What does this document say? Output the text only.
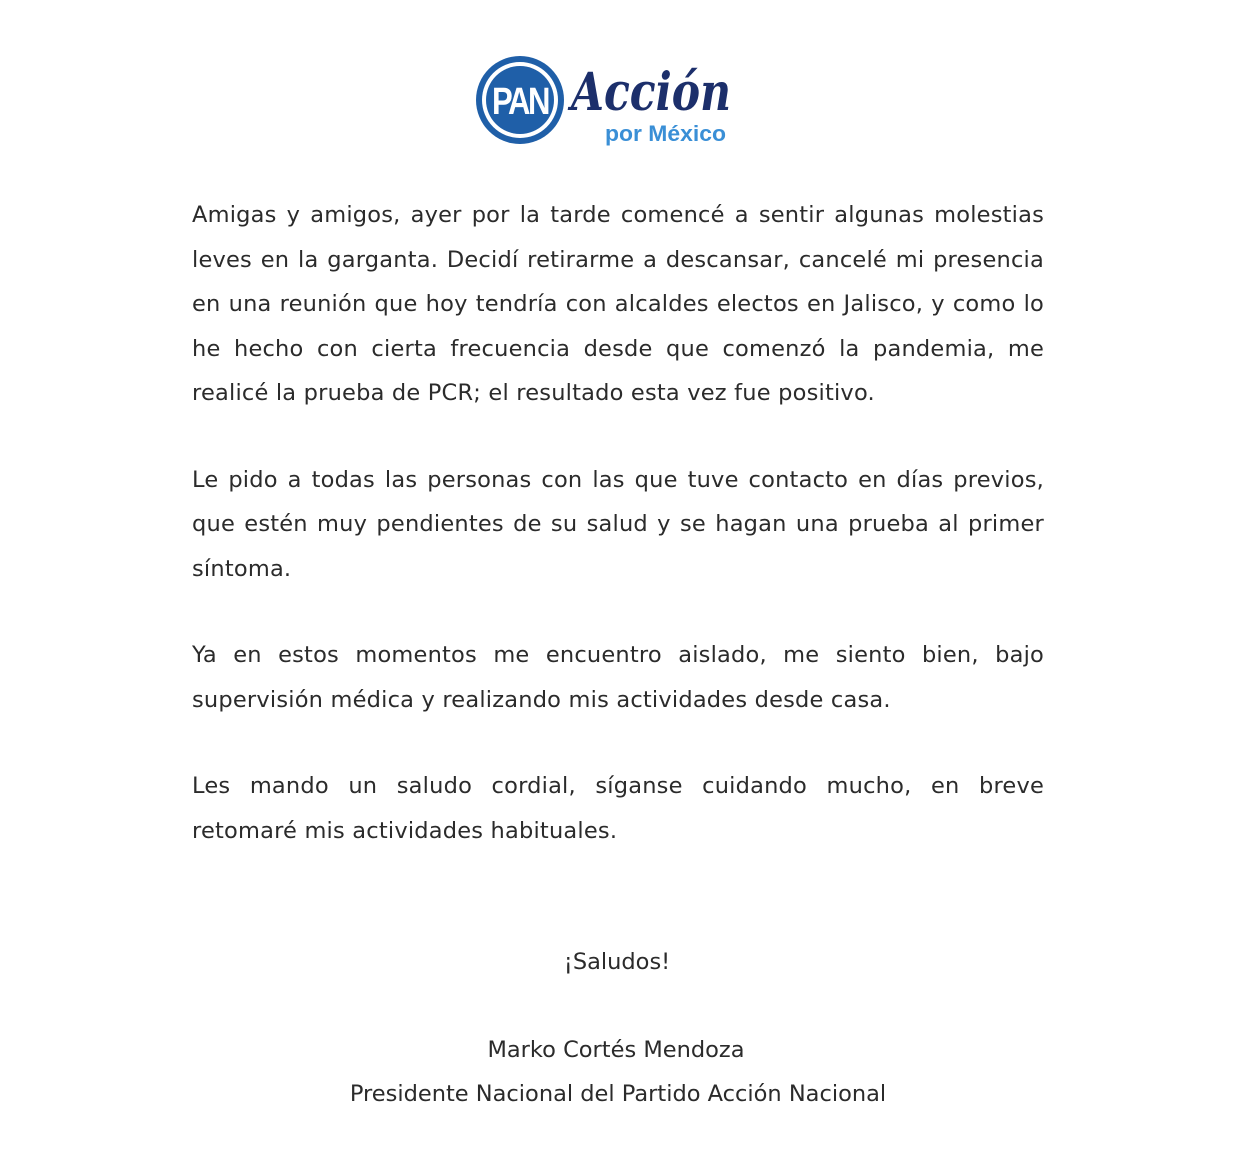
PAN Acción
por México

Amigas y amigos, ayer por la tarde comencé a sentir algunas molestias leves en la garganta. Decidí retirarme a descansar, cancelé mi presencia en una reunión que hoy tendría con alcaldes electos en Jalisco, y como lo he hecho con cierta frecuencia desde que comenzó la pandemia, me realicé la prueba de PCR; el resultado esta vez fue positivo.

Le pido a todas las personas con las que tuve contacto en días previos, que estén muy pendientes de su salud y se hagan una prueba al primer síntoma.

Ya en estos momentos me encuentro aislado, me siento bien, bajo supervisión médica y realizando mis actividades desde casa.

Les mando un saludo cordial, síganse cuidando mucho, en breve retomaré mis actividades habituales.

¡Saludos!
Marko Cortés Mendoza
Presidente Nacional del Partido Acción Nacional
